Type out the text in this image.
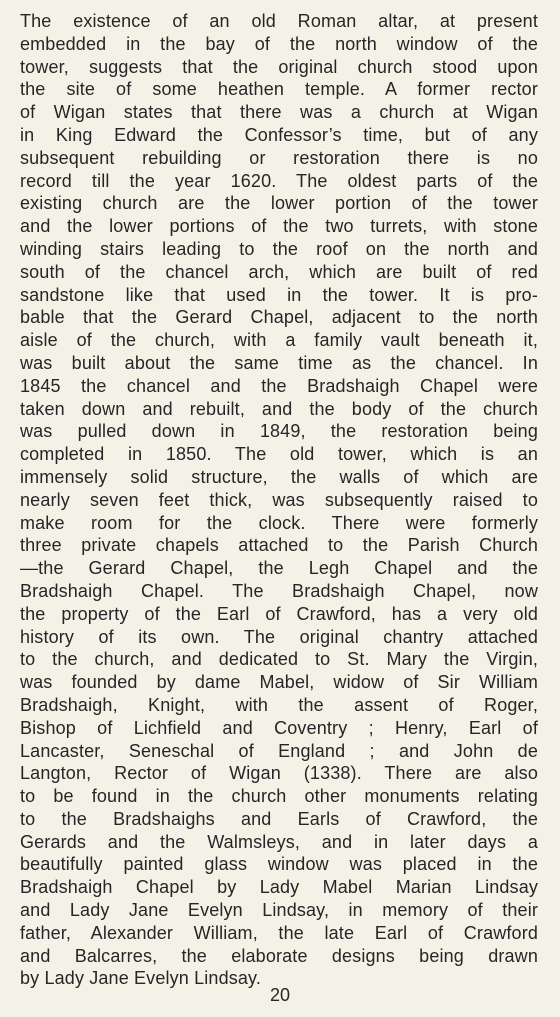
The existence of an old Roman altar, at present
embedded in the bay of the north window of the
tower, suggests that the original church stood upon
the site of some heathen temple. A former rector
of Wigan states that there was a church at Wigan
in King Edward the Confessor’s time, but of any
subsequent rebuilding or restoration there is no
record till the year 1620. The oldest parts of the
existing church are the lower portion of the tower
and the lower portions of the two turrets, with stone
winding stairs leading to the roof on the north and
south of the chancel arch, which are built of red
sandstone like that used in the tower. It is pro-
bable that the Gerard Chapel, adjacent to the north
aisle of the church, with a family vault beneath it,
was built about the same time as the chancel. In
1845 the chancel and the Bradshaigh Chapel were
taken down and rebuilt, and the body of the church
was pulled down in 1849, the restoration being
completed in 1850. The old tower, which is an
immensely solid structure, the walls of which are
nearly seven feet thick, was subsequently raised to
make room for the clock. There were formerly
three private chapels attached to the Parish Church
—the Gerard Chapel, the Legh Chapel and the
Bradshaigh Chapel. The Bradshaigh Chapel, now
the property of the Earl of Crawford, has a very old
history of its own. The original chantry attached
to the church, and dedicated to St. Mary the Virgin,
was founded by dame Mabel, widow of Sir William
Bradshaigh, Knight, with the assent of Roger,
Bishop of Lichfield and Coventry ; Henry, Earl of
Lancaster, Seneschal of England ; and John de
Langton, Rector of Wigan (1338). There are also
to be found in the church other monuments relating
to the Bradshaighs and Earls of Crawford, the
Gerards and the Walmsleys, and in later days a
beautifully painted glass window was placed in the
Bradshaigh Chapel by Lady Mabel Marian Lindsay
and Lady Jane Evelyn Lindsay, in memory of their
father, Alexander William, the late Earl of Crawford
and Balcarres, the elaborate designs being drawn
by Lady Jane Evelyn Lindsay.
20
